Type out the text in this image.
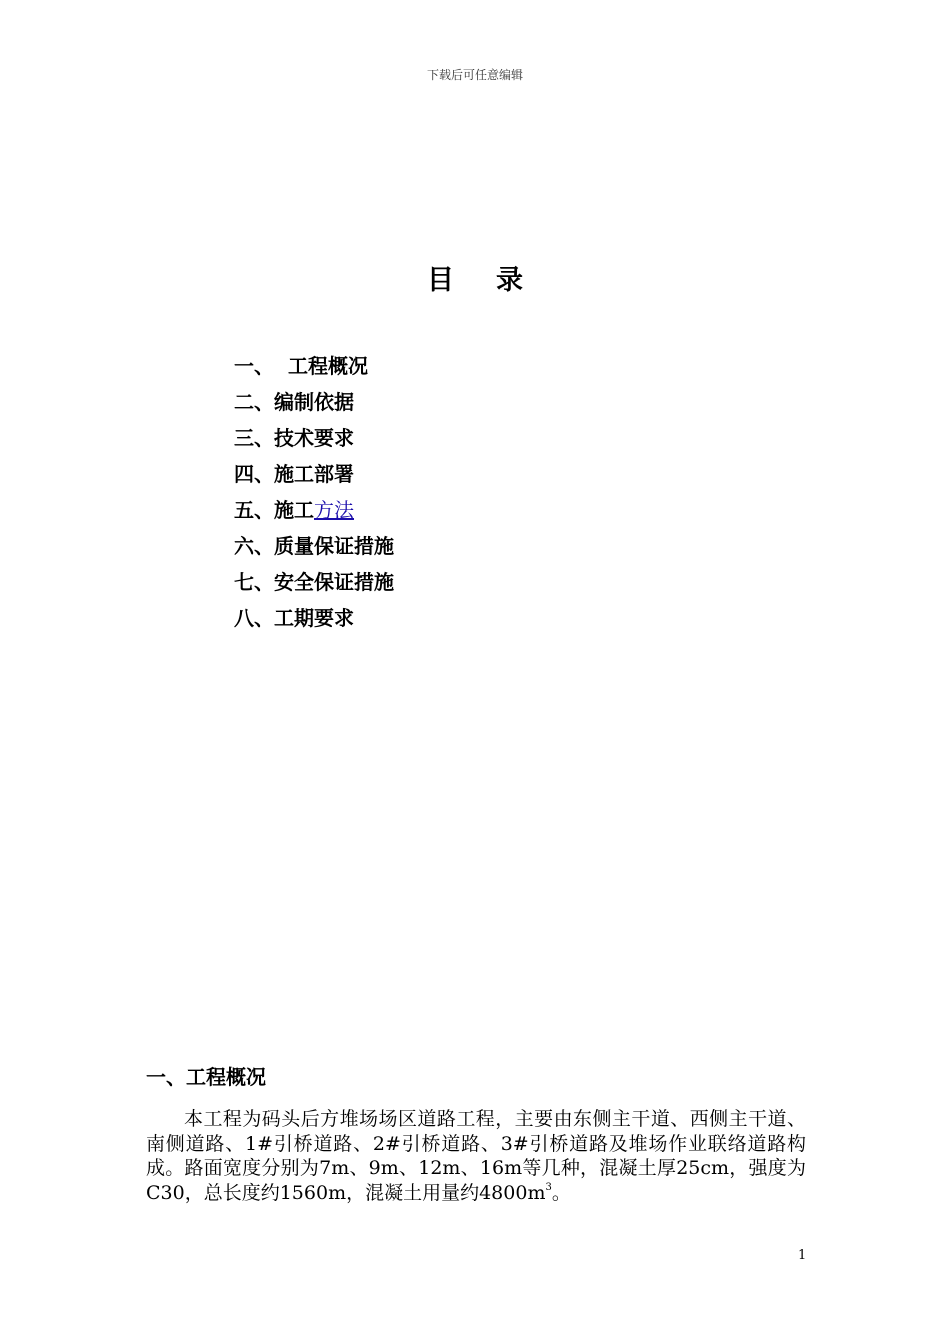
下载后可任意编辑
目 录
一、 工程概况
二、编制依据
三、技术要求
四、施工部署
五、施工方法
六、质量保证措施
七、安全保证措施
八、工期要求
一、工程概况

本工程为码头后方堆场场区道路工程，主要由东侧主干道、西侧主干道、南侧道路、1#引桥道路、2#引桥道路、3#引桥道路及堆场作业联络道路构成。路面宽度分别为7m、9m、12m、16m等几种，混凝土厚25cm，强度为C30，总长度约1560m，混凝土用量约$4800m^3$。

1
